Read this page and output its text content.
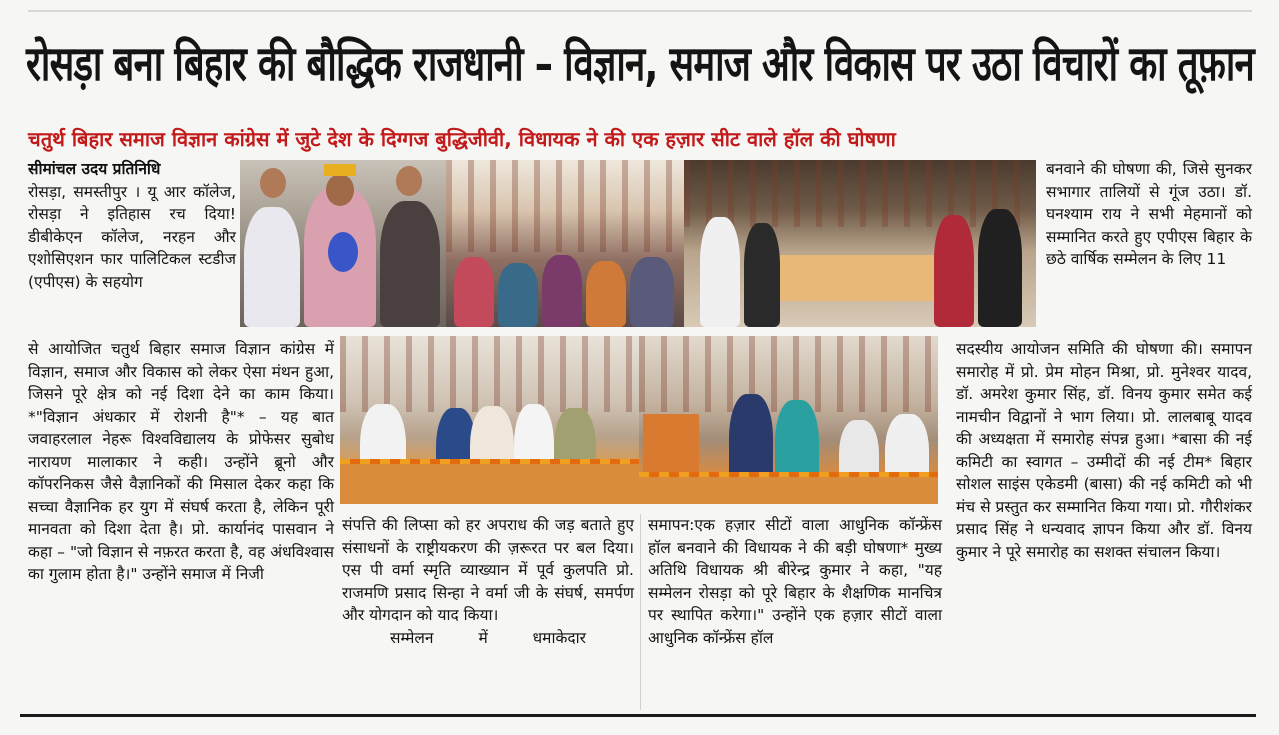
रोसड़ा बना बिहार की बौद्धिक राजधानी – विज्ञान, समाज और विकास पर उठा विचारों का तूफ़ान
चतुर्थ बिहार समाज विज्ञान कांग्रेस में जुटे देश के दिग्गज बुद्धिजीवी, विधायक ने की एक हज़ार सीट वाले हॉल की घोषणा

सीमांचल उदय प्रतिनिधि

रोसड़ा, समस्तीपुर । यू आर कॉलेज, रोसड़ा ने इतिहास रच दिया! डीबीकेएन कॉलेज, नरहन और एशोसिएशन फार पालिटिकल स्टडीज (एपीएस) के सहयोग

से आयोजित चतुर्थ बिहार समाज विज्ञान कांग्रेस में विज्ञान, समाज और विकास को लेकर ऐसा मंथन हुआ, जिसने पूरे क्षेत्र को नई दिशा देने का काम किया। *"विज्ञान अंधकार में रोशनी है"* – यह बात जवाहरलाल नेहरू विश्वविद्यालय के प्रोफेसर सुबोध नारायण मालाकार ने कही। उन्होंने ब्रूनो और कॉपरनिकस जैसे वैज्ञानिकों की मिसाल देकर कहा कि सच्चा वैज्ञानिक हर युग में संघर्ष करता है, लेकिन पूरी मानवता को दिशा देता है। प्रो. कार्यानंद पासवान ने कहा – "जो विज्ञान से नफ़रत करता है, वह अंधविश्वास का गुलाम होता है।" उन्होंने समाज में निजी

संपत्ति की लिप्सा को हर अपराध की जड़ बताते हुए संसाधनों के राष्ट्रीयकरण की ज़रूरत पर बल दिया। एस पी वर्मा स्मृति व्याख्यान में पूर्व कुलपति प्रो. राजमणि प्रसाद सिन्हा ने वर्मा जी के संघर्ष, समर्पण और योगदान को याद किया।

सम्मेलन में धमाकेदार

समापन:एक हज़ार सीटों वाला आधुनिक कॉन्फ्रेंस हॉल बनवाने की विधायक ने की बड़ी घोषणा* मुख्य अतिथि विधायक श्री बीरेन्द्र कुमार ने कहा, "यह सम्मेलन रोसड़ा को पूरे बिहार के शैक्षणिक मानचित्र पर स्थापित करेगा।" उन्होंने एक हज़ार सीटों वाला आधुनिक कॉन्फ्रेंस हॉल

बनवाने की घोषणा की, जिसे सुनकर सभागार तालियों से गूंज उठा। डॉ. घनश्याम राय ने सभी मेहमानों को सम्मानित करते हुए एपीएस बिहार के छठे वार्षिक सम्मेलन के लिए 11

सदस्यीय आयोजन समिति की घोषणा की। समापन समारोह में प्रो. प्रेम मोहन मिश्रा, प्रो. मुनेश्वर यादव, डॉ. अमरेश कुमार सिंह, डॉ. विनय कुमार समेत कई नामचीन विद्वानों ने भाग लिया। प्रो. लालबाबू यादव की अध्यक्षता में समारोह संपन्न हुआ। *बासा की नई कमिटी का स्वागत – उम्मीदों की नई टीम* बिहार सोशल साइंस एकेडमी (बासा) की नई कमिटी को भी मंच से प्रस्तुत कर सम्मानित किया गया। प्रो. गौरीशंकर प्रसाद सिंह ने धन्यवाद ज्ञापन किया और डॉ. विनय कुमार ने पूरे समारोह का सशक्त संचालन किया।
